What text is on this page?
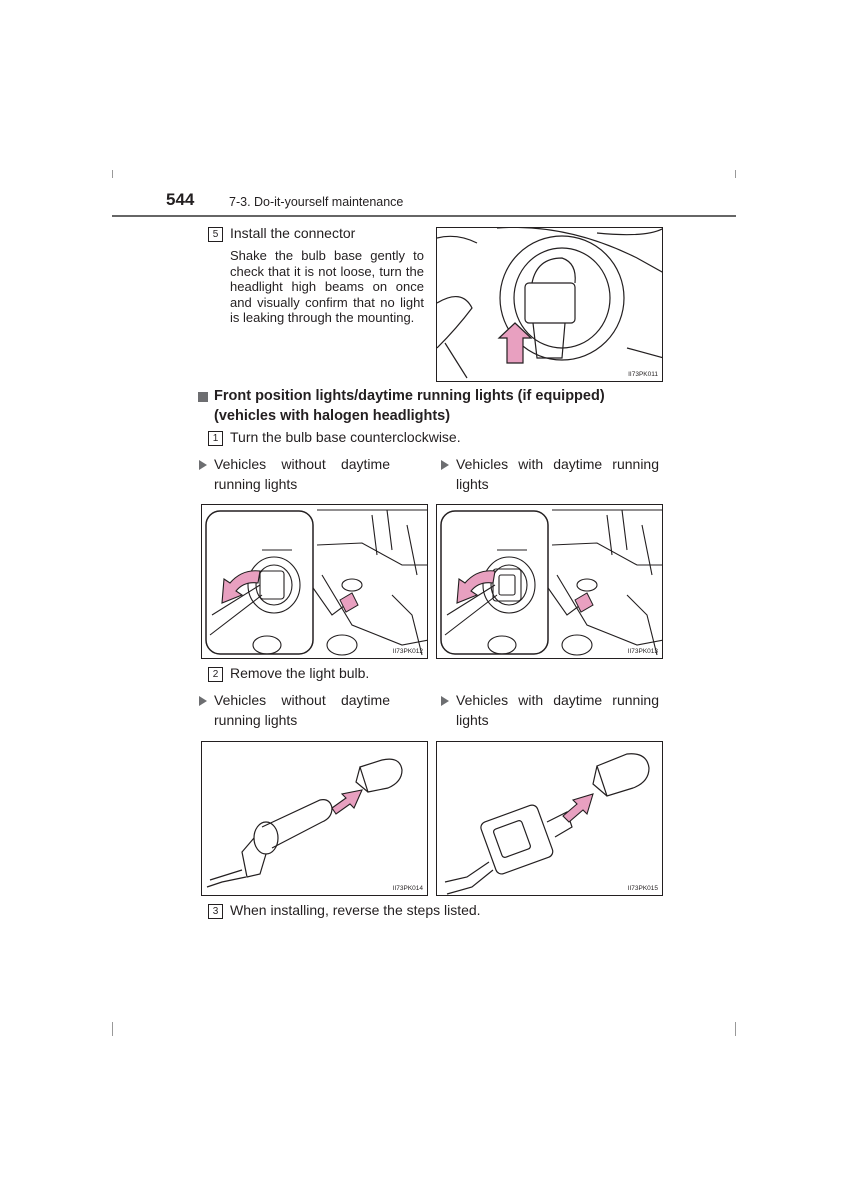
544	7-3. Do-it-yourself maintenance
5 Install the connector
Shake the bulb base gently to check that it is not loose, turn the headlight high beams on once and visually confirm that no light is leaking through the mounting.
II73PK011
Front position lights/daytime running lights (if equipped) (vehicles with halogen headlights)
1 Turn the bulb base counterclockwise.
Vehicles without daytime running lights
Vehicles with daytime running lights
II73PK012	II73PK013
2 Remove the light bulb.
Vehicles without daytime running lights
Vehicles with daytime running lights
II73PK014	II73PK015
3 When installing, reverse the steps listed.
